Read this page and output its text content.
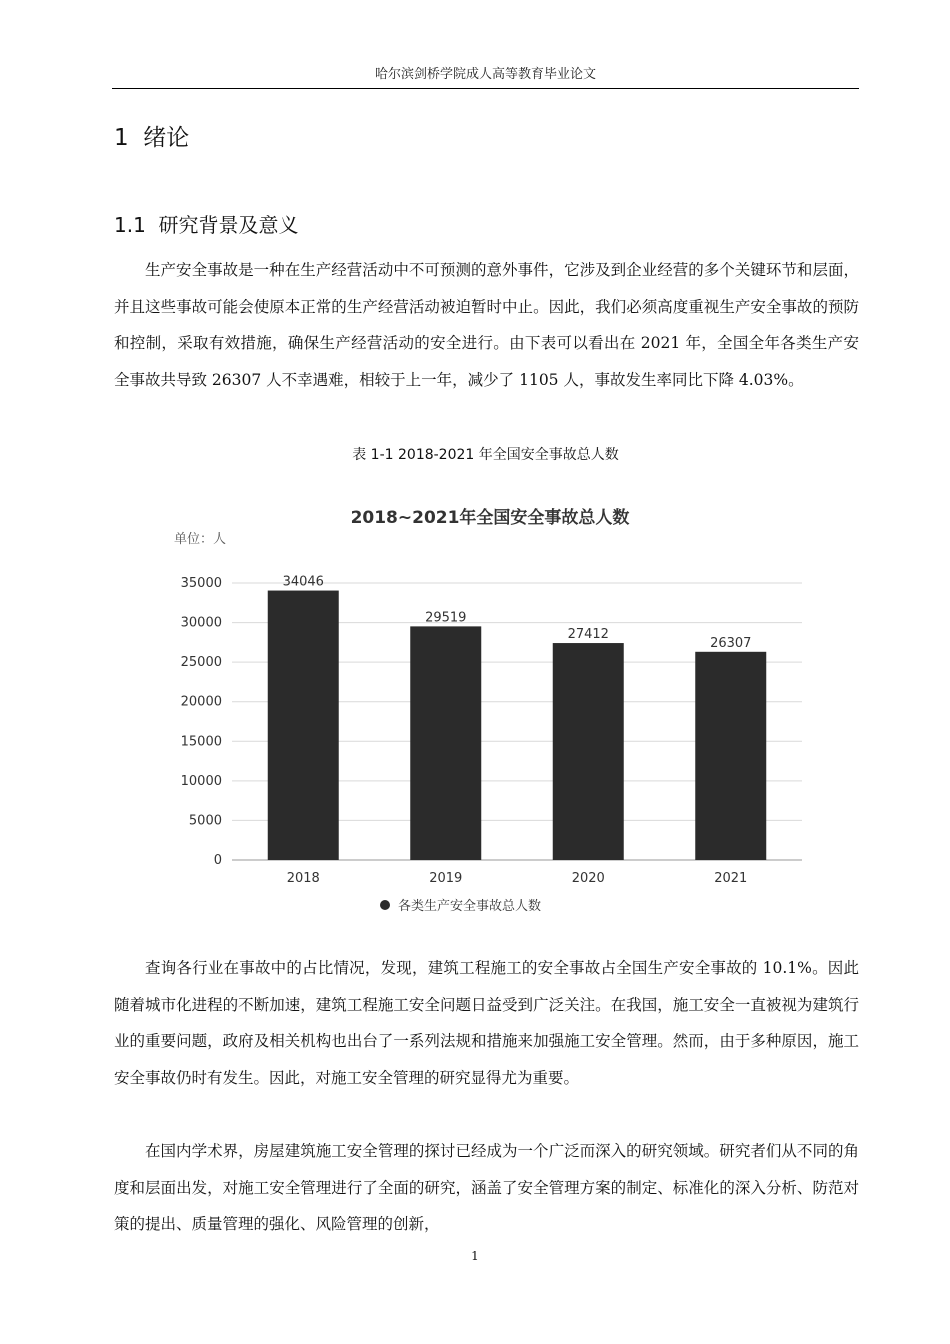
哈尔滨剑桥学院成人高等教育毕业论文
1 绪论
1.1 研究背景及意义

生产安全事故是一种在生产经营活动中不可预测的意外事件，它涉及到企业经营的多个关键环节和层面，并且这些事故可能会使原本正常的生产经营活动被迫暂时中止。因此，我们必须高度重视生产安全事故的预防和控制，采取有效措施，确保生产经营活动的安全进行。由下表可以看出在 2021 年，全国全年各类生产安全事故共导致 26307 人不幸遇难，相较于上一年，减少了 1105 人，事故发生率同比下降 4.03%。

表 1-1 2018-2021 年全国安全事故总人数
0
5000
10000
15000
20000
25000
30000
35000	34046
2018
29519
2019
27412
2020
26307
2021
2018~2021年全国安全事故总人数
单位：人
各类生产安全事故总人数

查询各行业在事故中的占比情况，发现，建筑工程施工的安全事故占全国生产安全事故的 10.1%。因此随着城市化进程的不断加速，建筑工程施工安全问题日益受到广泛关注。在我国，施工安全一直被视为建筑行业的重要问题，政府及相关机构也出台了一系列法规和措施来加强施工安全管理。然而，由于多种原因，施工安全事故仍时有发生。因此，对施工安全管理的研究显得尤为重要。

在国内学术界，房屋建筑施工安全管理的探讨已经成为一个广泛而深入的研究领域。研究者们从不同的角度和层面出发，对施工安全管理进行了全面的研究，涵盖了安全管理方案的制定、标准化的深入分析、防范对策的提出、质量管理的强化、风险管理的创新，

1
